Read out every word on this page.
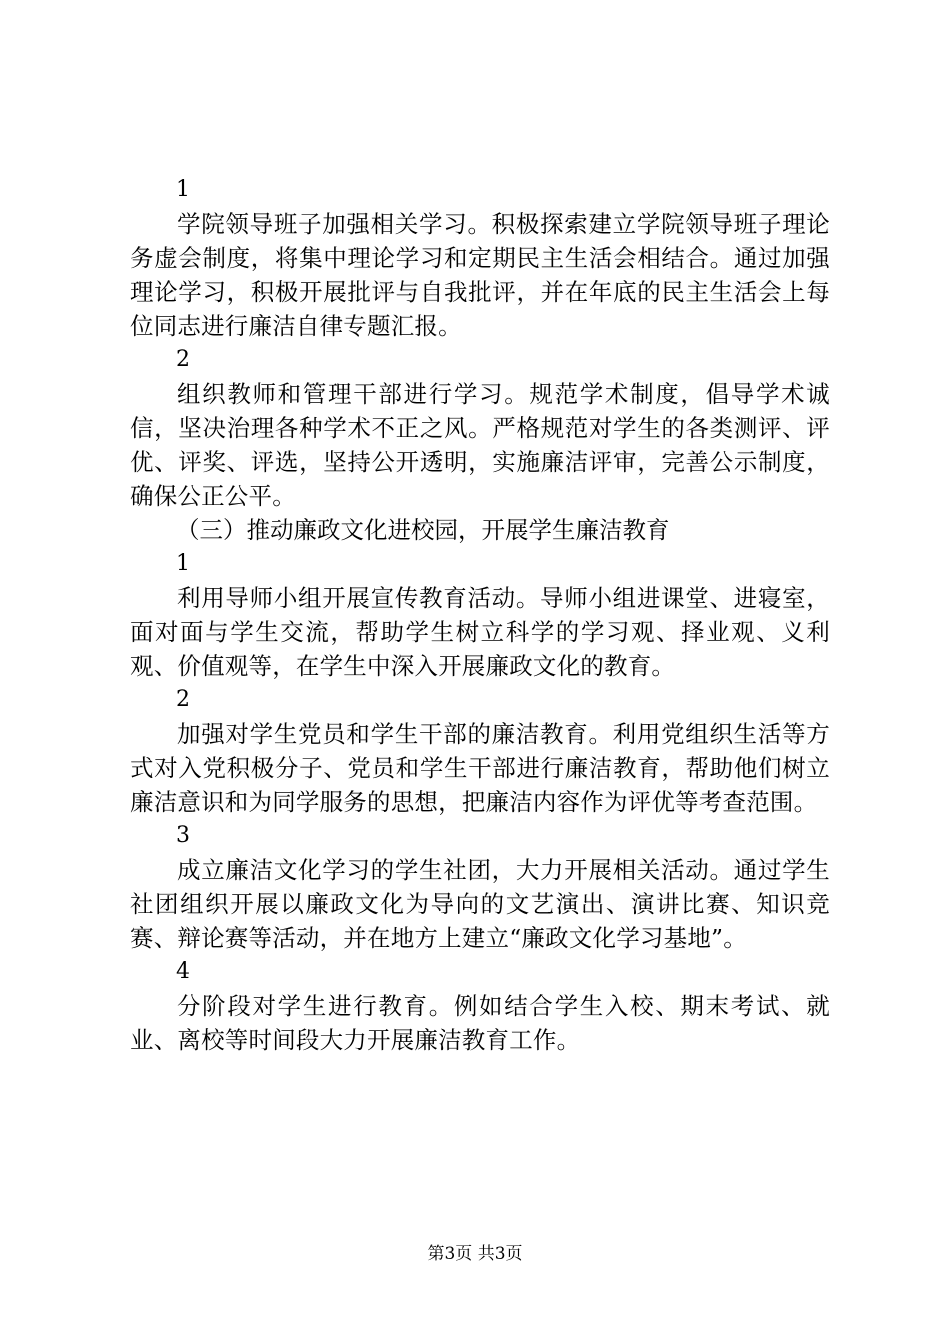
1

学院领导班子加强相关学习。积极探索建立学院领导班子理论务虚会制度，将集中理论学习和定期民主生活会相结合。通过加强理论学习，积极开展批评与自我批评，并在年底的民主生活会上每位同志进行廉洁自律专题汇报。

2

组织教师和管理干部进行学习。规范学术制度，倡导学术诚信，坚决治理各种学术不正之风。严格规范对学生的各类测评、评优、评奖、评选，坚持公开透明，实施廉洁评审，完善公示制度，确保公正公平。

（三）推动廉政文化进校园，开展学生廉洁教育

1

利用导师小组开展宣传教育活动。导师小组进课堂、进寝室，面对面与学生交流，帮助学生树立科学的学习观、择业观、义利观、价值观等，在学生中深入开展廉政文化的教育。

2

加强对学生党员和学生干部的廉洁教育。利用党组织生活等方式对入党积极分子、党员和学生干部进行廉洁教育，帮助他们树立廉洁意识和为同学服务的思想，把廉洁内容作为评优等考查范围。

3

成立廉洁文化学习的学生社团，大力开展相关活动。通过学生社团组织开展以廉政文化为导向的文艺演出、演讲比赛、知识竞赛、辩论赛等活动，并在地方上建立“廉政文化学习基地”。

4

分阶段对学生进行教育。例如结合学生入校、期末考试、就业、离校等时间段大力开展廉洁教育工作。

第3页 共3页
